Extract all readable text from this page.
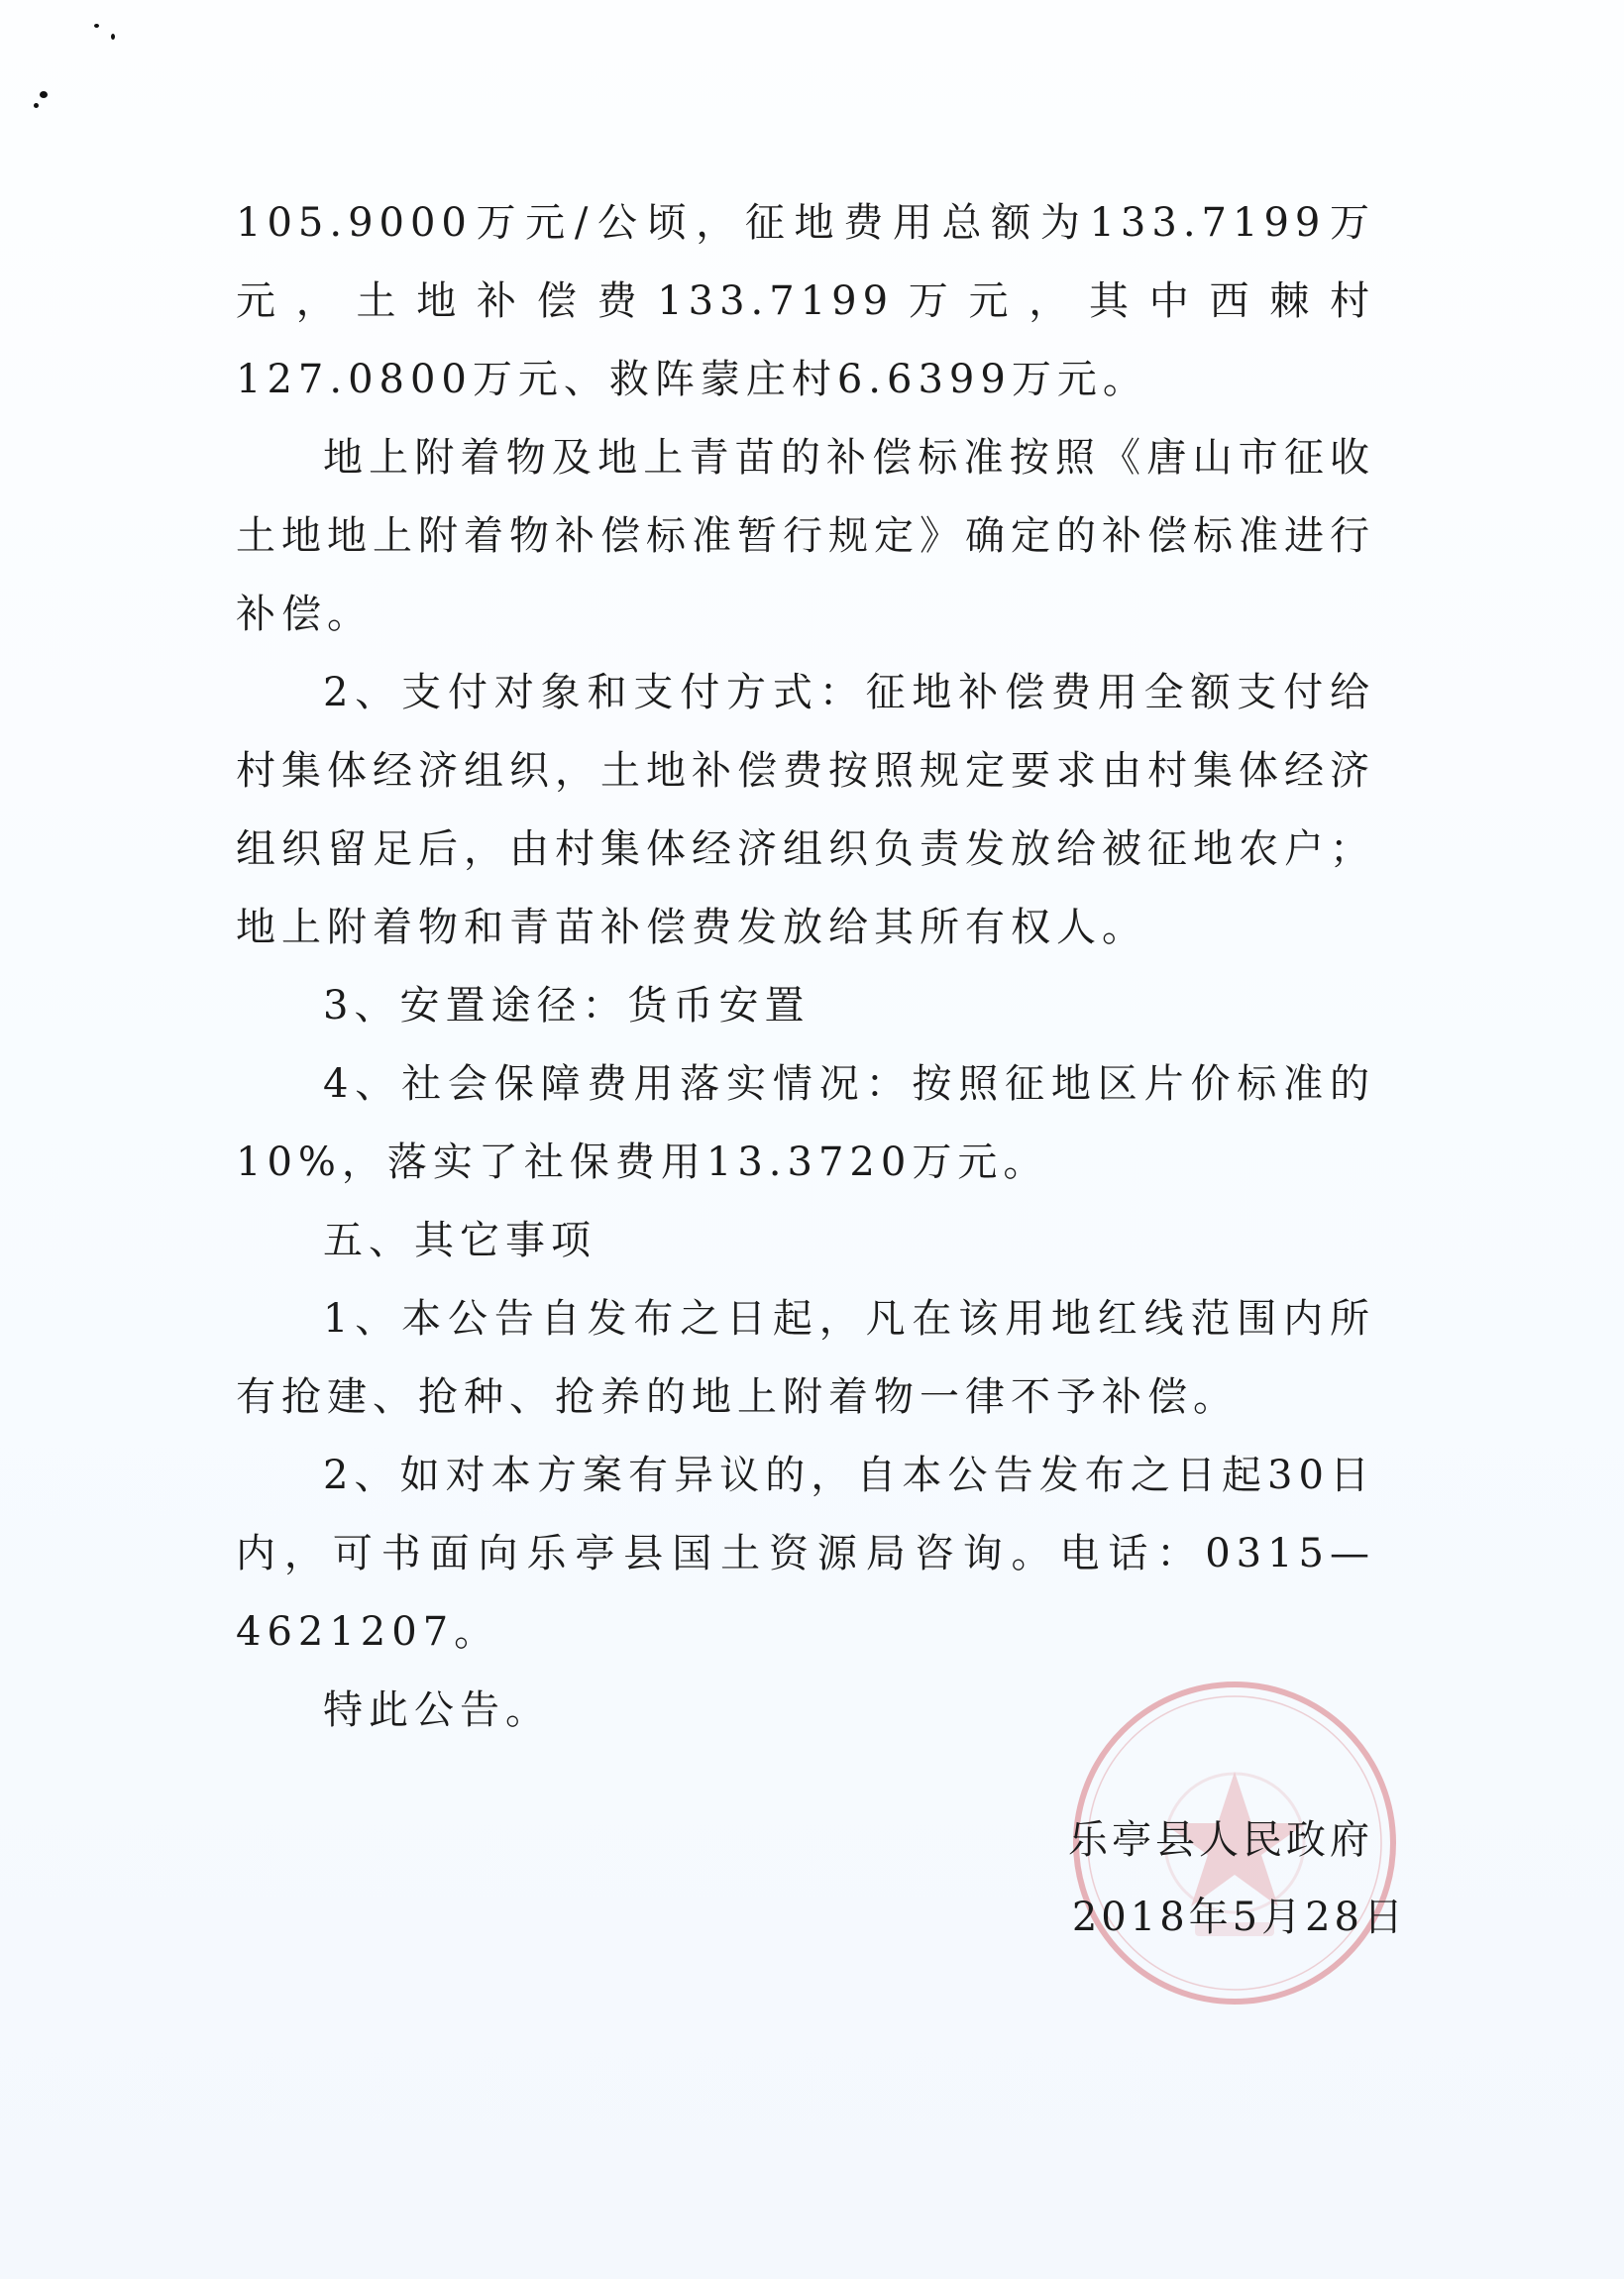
105.9000万元/公顷，征地费用总额为133.7199万元，土地补偿费133.7199万元，其中西棘村127.0800万元、救阵蒙庄村6.6399万元。

地上附着物及地上青苗的补偿标准按照《唐山市征收土地地上附着物补偿标准暂行规定》确定的补偿标准进行补偿。

2、支付对象和支付方式：征地补偿费用全额支付给村集体经济组织，土地补偿费按照规定要求由村集体经济组织留足后，由村集体经济组织负责发放给被征地农户；地上附着物和青苗补偿费发放给其所有权人。

3、安置途径：货币安置

4、社会保障费用落实情况：按照征地区片价标准的10%，落实了社保费用13.3720万元。

五、其它事项

1、本公告自发布之日起，凡在该用地红线范围内所有抢建、抢种、抢养的地上附着物一律不予补偿。

2、如对本方案有异议的，自本公告发布之日起30日内，可书面向乐亭县国土资源局咨询。电话：0315—4621207。

特此公告。

乐亭县人民政府
2018年5月28日
